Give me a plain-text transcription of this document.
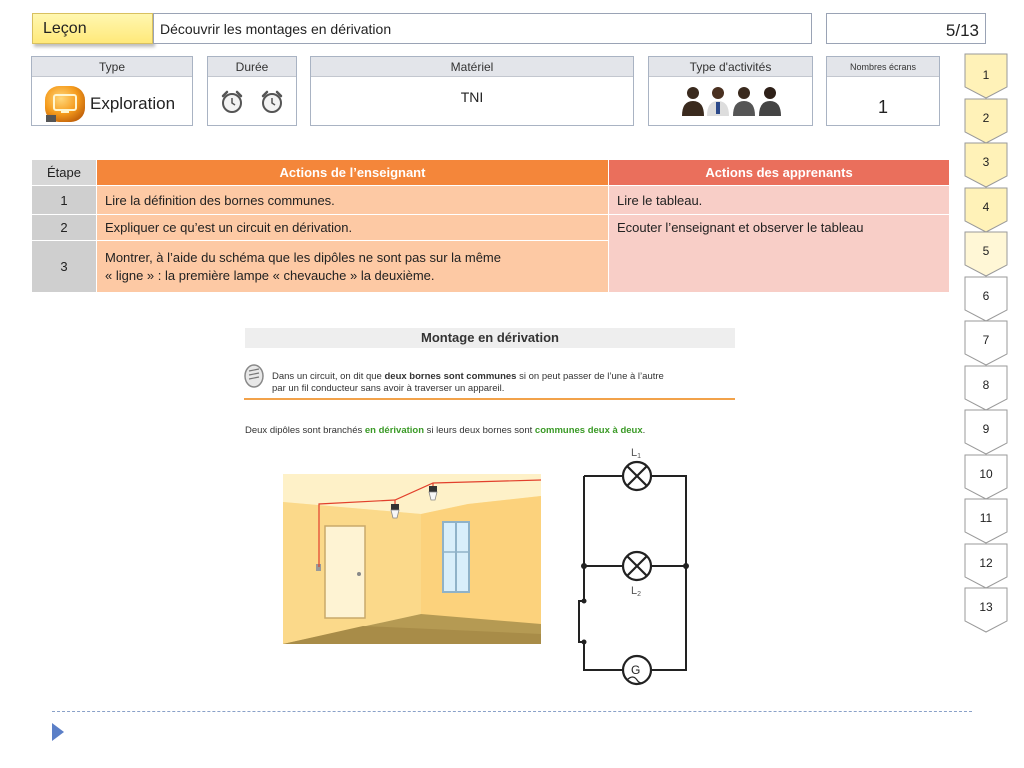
Leçon	Découvrir les montages en dérivation	5/13
Type
Exploration
Durée	Matériel
TNI
Type d'activités	Nombres écrans
1
Étape	Actions de l’enseignant	Actions des apprenants
1	Lire la définition des bornes communes.	Lire le tableau.
2	Expliquer ce qu’est un circuit en dérivation.	Ecouter l’enseignant et observer le tableau
3	Montrer, à l’aide du schéma que les dipôles ne sont pas sur la même
« ligne » : la première lampe « chevauche » la deuxième.	
Montage en dérivation
Dans un circuit, on dit que deux bornes sont communes si on peut passer de l’une à l’autre
par un fil conducteur sans avoir à traverser un appareil.
Deux dipôles sont branchés en dérivation si leurs deux bornes sont communes deux à deux.
L1
L2
G
1
2
3
4
5
6
7
8
9
10
11
12
13
